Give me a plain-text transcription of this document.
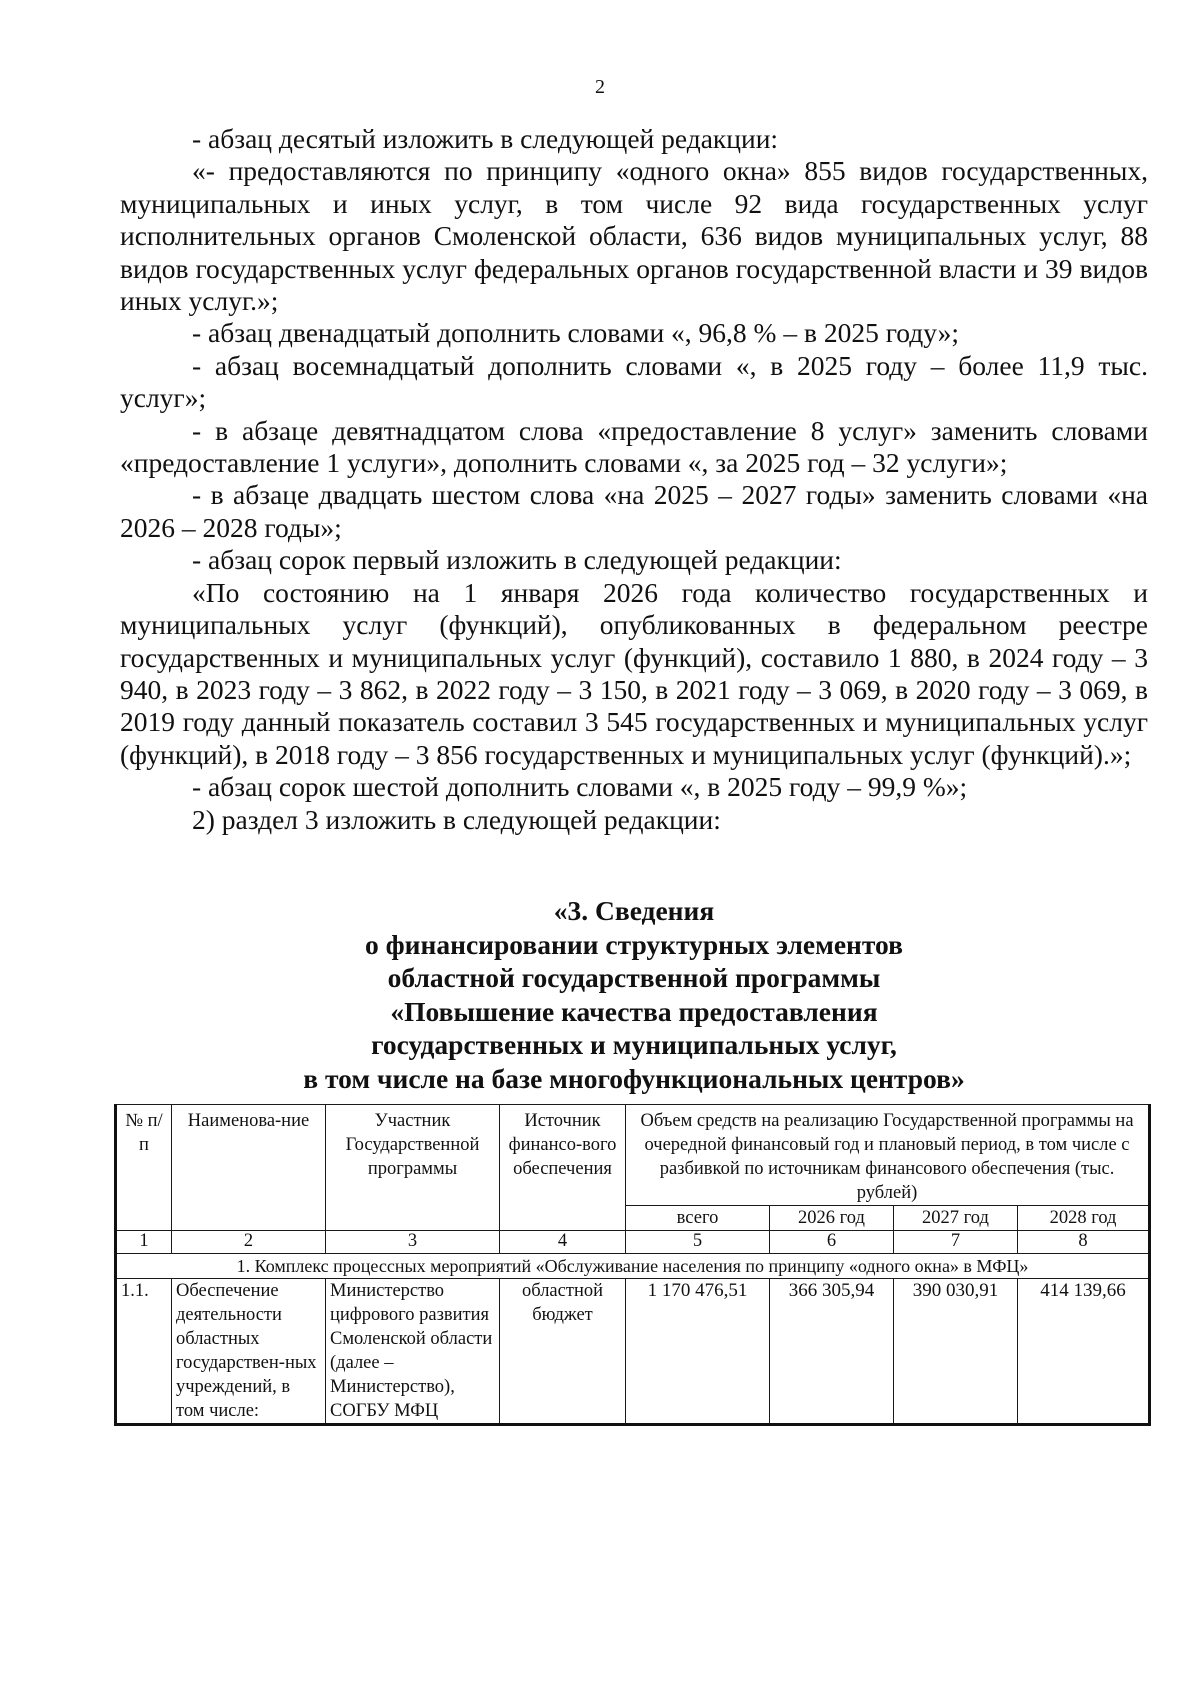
2

- абзац десятый изложить в следующей редакции:

«- предоставляются по принципу «одного окна» 855 видов государственных, муниципальных и иных услуг, в том числе 92 вида государственных услуг исполнительных органов Смоленской области, 636 видов муниципальных услуг, 88 видов государственных услуг федеральных органов государственной власти и 39 видов иных услуг.»;

- абзац двенадцатый дополнить словами «, 96,8 % – в 2025 году»;

- абзац восемнадцатый дополнить словами «, в 2025 году – более 11,9 тыс. услуг»;

- в абзаце девятнадцатом слова «предоставление 8 услуг» заменить словами «предоставление 1 услуги», дополнить словами «, за 2025 год – 32 услуги»;

- в абзаце двадцать шестом слова «на 2025 – 2027 годы» заменить словами «на 2026 – 2028 годы»;

- абзац сорок первый изложить в следующей редакции:

«По состоянию на 1 января 2026 года количество государственных и муниципальных услуг (функций), опубликованных в федеральном реестре государственных и муниципальных услуг (функций), составило 1 880, в 2024 году – 3 940, в 2023 году – 3 862, в 2022 году – 3 150, в 2021 году – 3 069, в 2020 году – 3 069, в 2019 году данный показатель составил 3 545 государственных и муниципальных услуг (функций), в 2018 году – 3 856 государственных и муниципальных услуг (функций).»;

- абзац сорок шестой дополнить словами «, в 2025 году – 99,9 %»;

2) раздел 3 изложить в следующей редакции:

«3. Сведения
о финансировании структурных элементов
областной государственной программы
«Повышение качества предоставления
государственных и муниципальных услуг,
в том числе на базе многофункциональных центров»
№ п/п	Наименова-ние	Участник Государственной программы	Источник финансо-вого обеспечения	Объем средств на реализацию Государственной программы на очередной финансовый год и плановый период, в том числе с разбивкой по источникам финансового обеспечения (тыс. рублей)			
				всего	2026 год	2027 год	2028 год
1	2	3	4	5	6	7	8
1. Комплекс процессных мероприятий «Обслуживание населения по принципу «одного окна» в МФЦ»							
1.1.	Обеспечение деятельности областных государствен-ных учреждений, в том числе:	Министерство цифрового развития Смоленской области (далее – Министерство), СОГБУ МФЦ	областной бюджет	1 170 476,51	366 305,94	390 030,91	414 139,66
